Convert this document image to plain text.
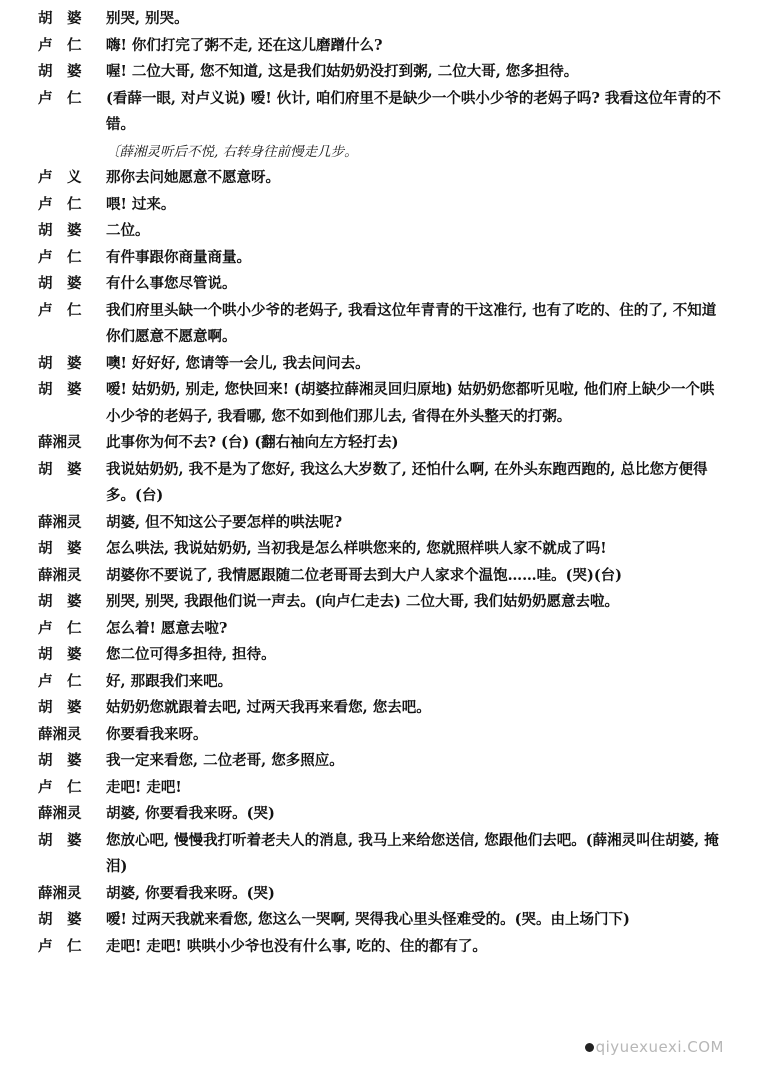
胡　婆	别哭, 别哭。
卢　仁	嗨! 你们打完了粥不走, 还在这儿磨蹭什么?
胡　婆	喔! 二位大哥, 您不知道, 这是我们姑奶奶没打到粥, 二位大哥, 您多担待。
卢　仁	(看薛一眼, 对卢义说) 嗳! 伙计, 咱们府里不是缺少一个哄小少爷的老妈子吗? 我看这位年青的不错。
〔薛湘灵听后不悦, 右转身往前慢走几步。
卢　义	那你去问她愿意不愿意呀。
卢　仁	喂! 过来。
胡　婆	二位。
卢　仁	有件事跟你商量商量。
胡　婆	有什么事您尽管说。
卢　仁	我们府里头缺一个哄小少爷的老妈子, 我看这位年青青的干这准行, 也有了吃的、住的了, 不知道你们愿意不愿意啊。
胡　婆	噢! 好好好, 您请等一会儿, 我去问问去。
胡　婆	嗳! 姑奶奶, 别走, 您快回来! (胡婆拉薛湘灵回归原地) 姑奶奶您都听见啦, 他们府上缺少一个哄小少爷的老妈子, 我看哪, 您不如到他们那儿去, 省得在外头整天的打粥。
薛湘灵	此事你为何不去? (台) (翻右袖向左方轻打去)
胡　婆	我说姑奶奶, 我不是为了您好, 我这么大岁数了, 还怕什么啊, 在外头东跑西跑的, 总比您方便得多。(台)
薛湘灵	胡婆, 但不知这公子要怎样的哄法呢?
胡　婆	怎么哄法, 我说姑奶奶, 当初我是怎么样哄您来的, 您就照样哄人家不就成了吗!
薛湘灵	胡婆你不要说了, 我情愿跟随二位老哥哥去到大户人家求个温饱……哇。(哭)(台)
胡　婆	别哭, 别哭, 我跟他们说一声去。(向卢仁走去) 二位大哥, 我们姑奶奶愿意去啦。
卢　仁	怎么着! 愿意去啦?
胡　婆	您二位可得多担待, 担待。
卢　仁	好, 那跟我们来吧。
胡　婆	姑奶奶您就跟着去吧, 过两天我再来看您, 您去吧。
薛湘灵	你要看我来呀。
胡　婆	我一定来看您, 二位老哥, 您多照应。
卢　仁	走吧! 走吧!
薛湘灵	胡婆, 你要看我来呀。(哭)
胡　婆	您放心吧, 慢慢我打听着老夫人的消息, 我马上来给您送信, 您跟他们去吧。(薛湘灵叫住胡婆, 掩泪)
薛湘灵	胡婆, 你要看我来呀。(哭)
胡　婆	嗳! 过两天我就来看您, 您这么一哭啊, 哭得我心里头怪难受的。(哭。由上场门下)
卢　仁	走吧! 走吧! 哄哄小少爷也没有什么事, 吃的、住的都有了。
qiyuexuexi.COM
